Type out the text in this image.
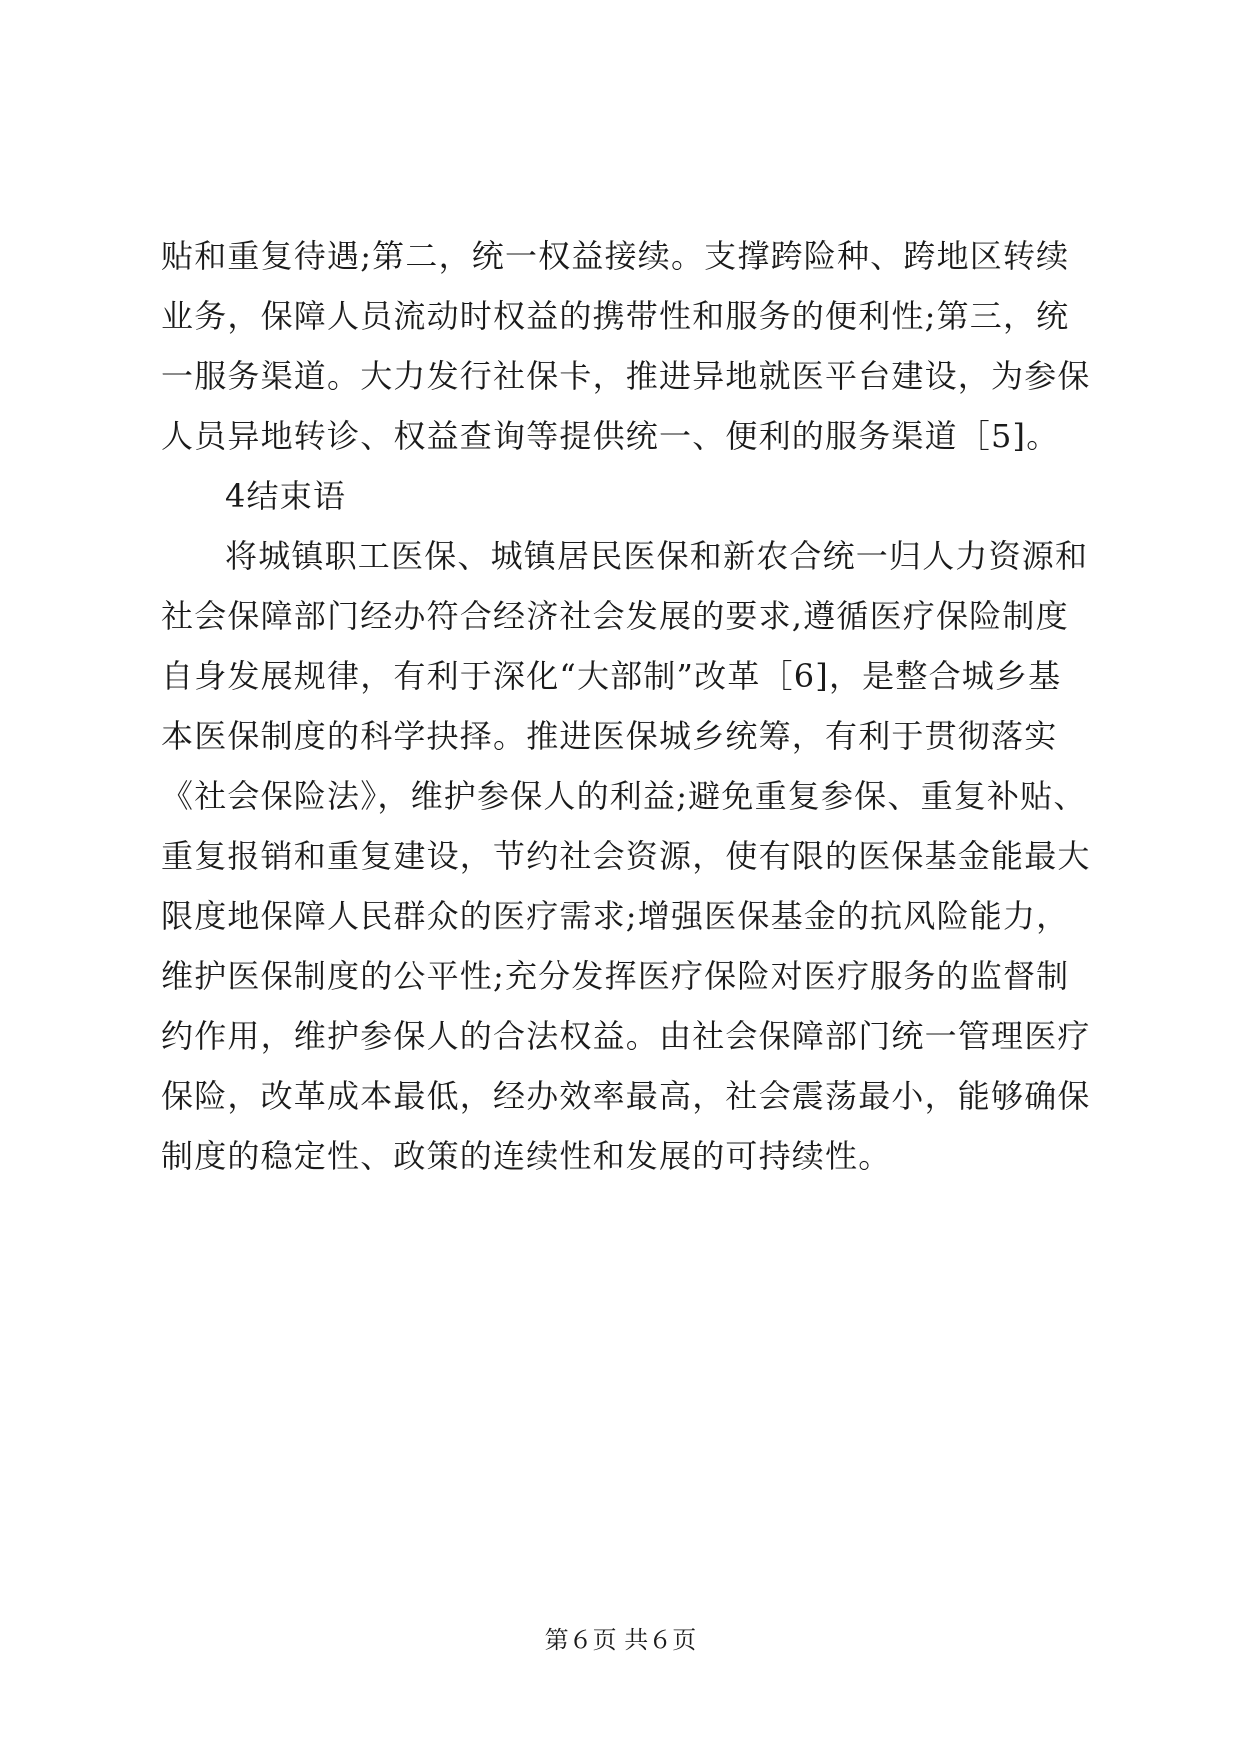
贴和重复待遇;第二，统一权益接续。支撑跨险种、跨地区转续
业务，保障人员流动时权益的携带性和服务的便利性;第三，统
一服务渠道。大力发行社保卡，推进异地就医平台建设，为参保
人员异地转诊、权益查询等提供统一、便利的服务渠道［5]。
4结束语
将城镇职工医保、城镇居民医保和新农合统一归人力资源和
社会保障部门经办符合经济社会发展的要求,遵循医疗保险制度
自身发展规律，有利于深化“大部制”改革［6]，是整合城乡基
本医保制度的科学抉择。推进医保城乡统筹，有利于贯彻落实
《社会保险法》，维护参保人的利益;避免重复参保、重复补贴、
重复报销和重复建设，节约社会资源，使有限的医保基金能最大
限度地保障人民群众的医疗需求;增强医保基金的抗风险能力，
维护医保制度的公平性;充分发挥医疗保险对医疗服务的监督制
约作用，维护参保人的合法权益。由社会保障部门统一管理医疗
保险，改革成本最低，经办效率最高，社会震荡最小，能够确保
制度的稳定性、政策的连续性和发展的可持续性。
第６页 共６页
